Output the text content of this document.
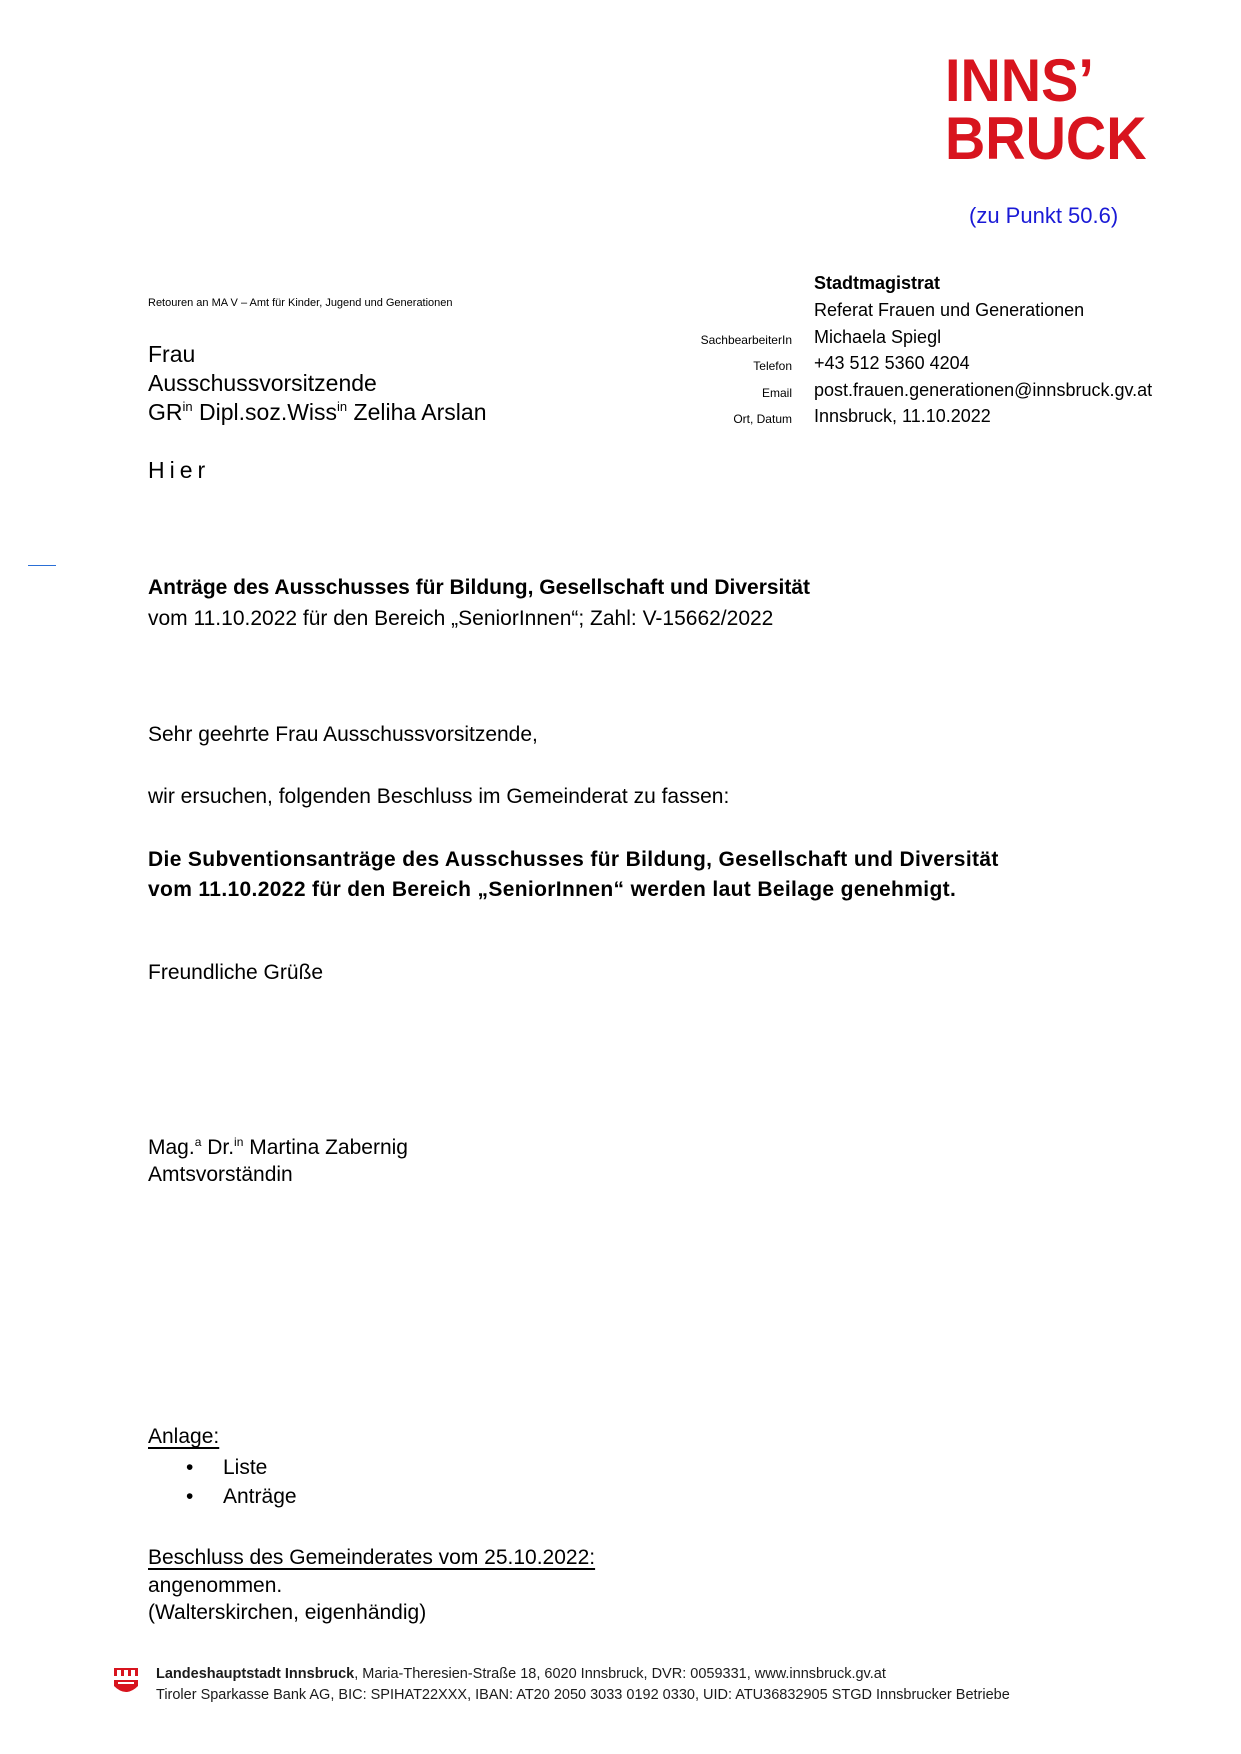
INNS’
BRUCK
(zu Punkt 50.6)
Retouren an MA V – Amt für Kinder, Jugend und Generationen
Frau
Ausschussvorsitzende
$GR^{in}$ Dipl.soz.Wiss$^{in}$ Zeliha Arslan
Hier
Stadtmagistrat
Referat Frauen und Generationen
SachbearbeiterIn Michaela Spiegl
Telefon +43 512 5360 4204
Email post.frauen.generationen@innsbruck.gv.at
Ort, Datum Innsbruck, 11.10.2022
Anträge des Ausschusses für Bildung, Gesellschaft und Diversität
vom 11.10.2022 für den Bereich „SeniorInnen“; Zahl: V-15662/2022
Sehr geehrte Frau Ausschussvorsitzende,
wir ersuchen, folgenden Beschluss im Gemeinderat zu fassen:
Die Subventionsanträge des Ausschusses für Bildung, Gesellschaft und Diversität
vom 11.10.2022 für den Bereich „SeniorInnen“ werden laut Beilage genehmigt.
Freundliche Grüße
Mag.$^a$ Dr.$^{in}$ Martina Zabernig
Amtsvorständin
Anlage:
• Liste
• Anträge
Beschluss des Gemeinderates vom 25.10.2022:
angenommen.
(Walterskirchen, eigenhändig)
Landeshauptstadt Innsbruck, Maria-Theresien-Straße 18, 6020 Innsbruck, DVR: 0059331, www.innsbruck.gv.at
Tiroler Sparkasse Bank AG, BIC: SPIHAT22XXX, IBAN: AT20 2050 3033 0192 0330, UID: ATU36832905 STGD Innsbrucker Betriebe
